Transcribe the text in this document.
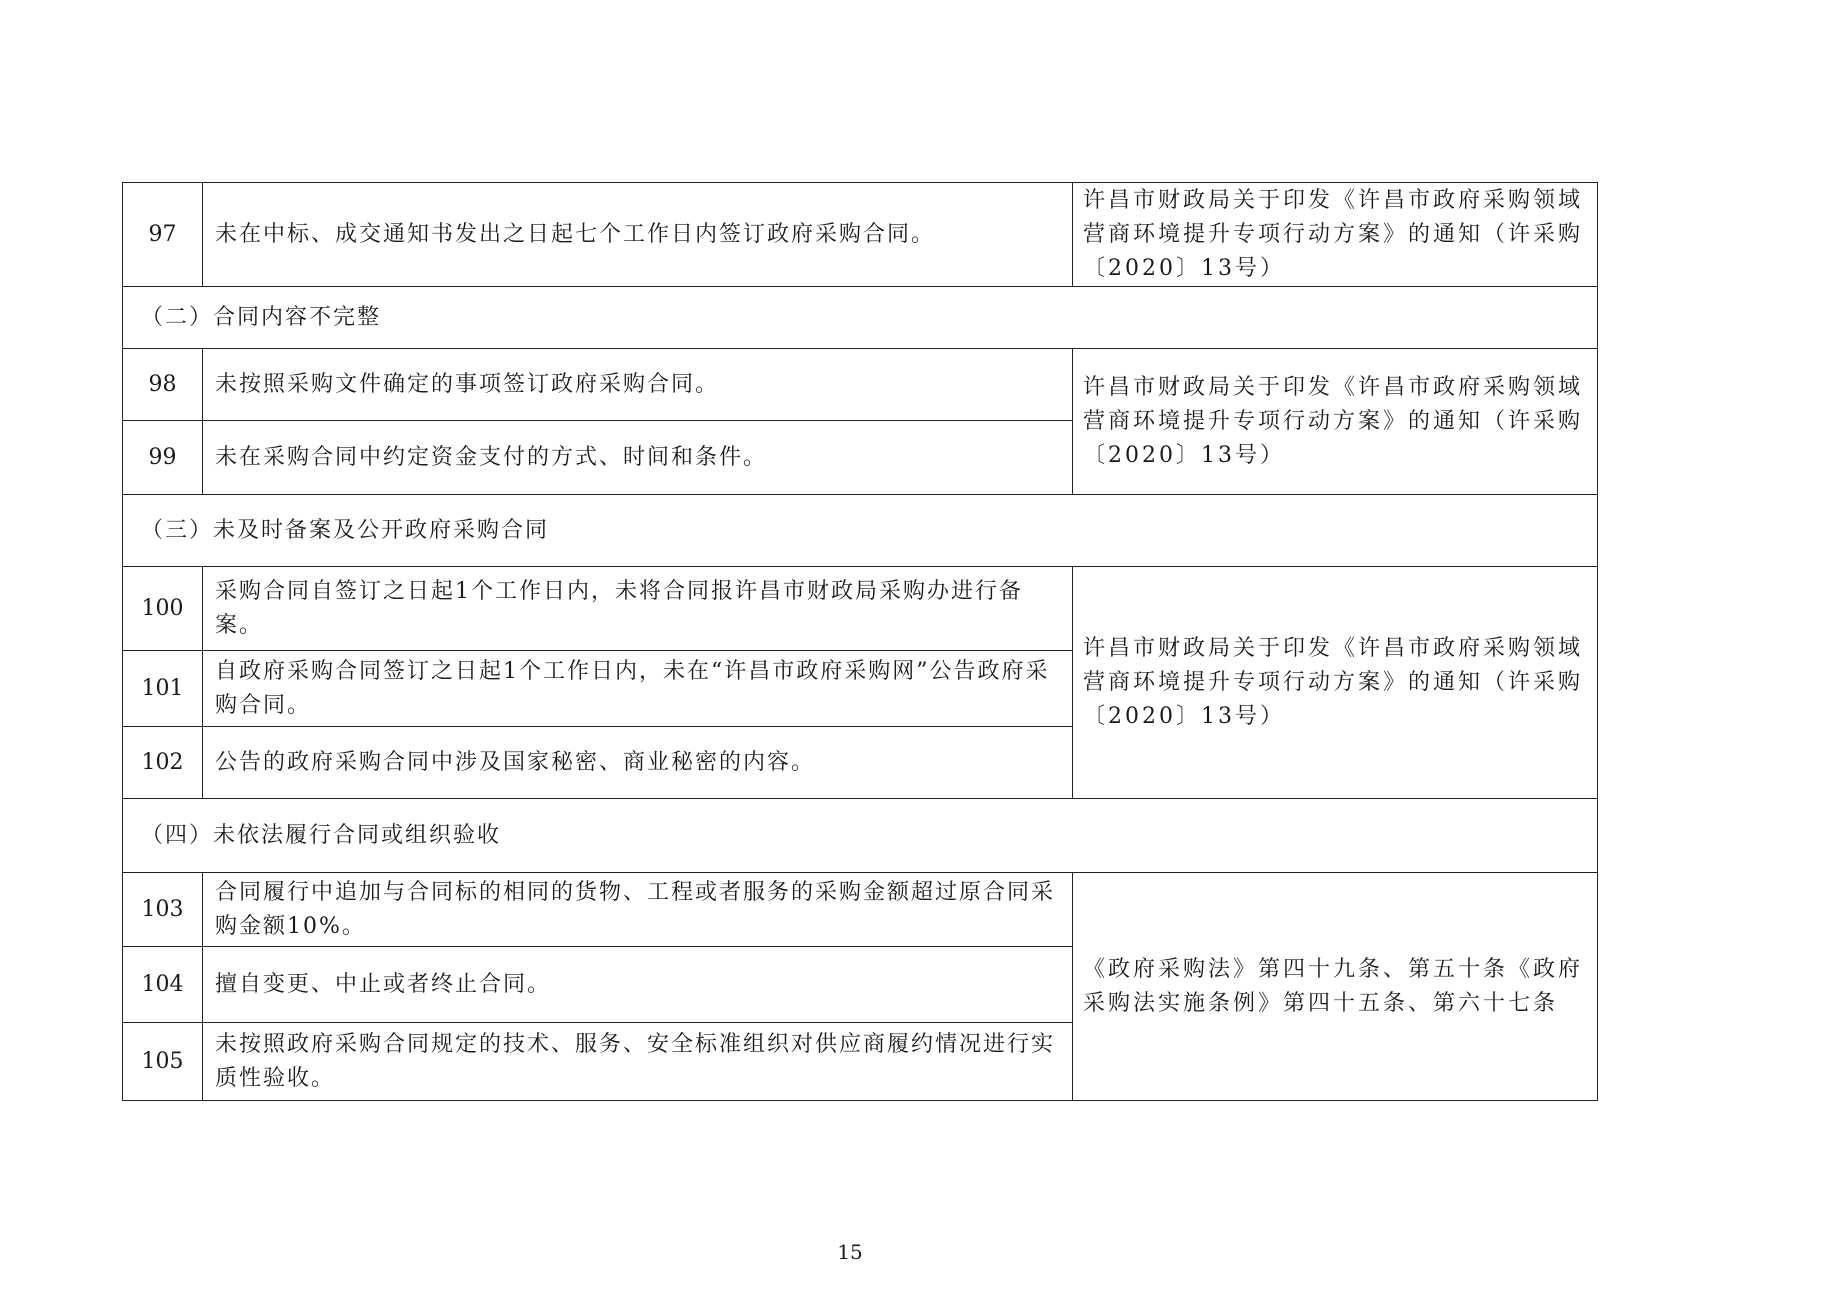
97	未在中标、成交通知书发出之日起七个工作日内签订政府采购合同。	许昌市财政局关于印发《许昌市政府采购领域营商环境提升专项行动方案》的通知（许采购〔2020〕13号）
（二）合同内容不完整		
98	未按照采购文件确定的事项签订政府采购合同。	许昌市财政局关于印发《许昌市政府采购领域营商环境提升专项行动方案》的通知（许采购〔2020〕13号）
99	未在采购合同中约定资金支付的方式、时间和条件。	
（三）未及时备案及公开政府采购合同		
100	采购合同自签订之日起1个工作日内，未将合同报许昌市财政局采购办进行备案。	许昌市财政局关于印发《许昌市政府采购领域营商环境提升专项行动方案》的通知（许采购〔2020〕13号）
101	自政府采购合同签订之日起1个工作日内，未在“许昌市政府采购网”公告政府采购合同。	
102	公告的政府采购合同中涉及国家秘密、商业秘密的内容。	
（四）未依法履行合同或组织验收		
103	合同履行中追加与合同标的相同的货物、工程或者服务的采购金额超过原合同采购金额10%。	《政府采购法》第四十九条、第五十条《政府采购法实施条例》第四十五条、第六十七条
104	擅自变更、中止或者终止合同。	
105	未按照政府采购合同规定的技术、服务、安全标准组织对供应商履约情况进行实质性验收。	
15
